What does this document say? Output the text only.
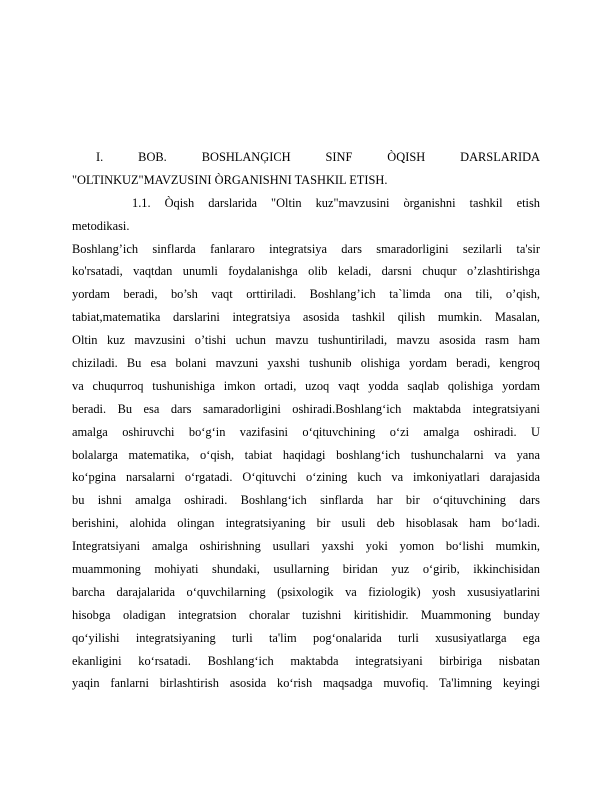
I. BOB. BOSHLANĢICH SINF ÒQISH DARSLARIDA
"OLTINKUZ"MAVZUSINI ÒRGANISHNI TASHKIL ETISH.
1.1. Òqish darslarida "Oltin kuz"mavzusini òrganishni tashkil etish
metodikasi.
Boshlang’ich sinflarda fanlararo integratsiya dars smaradorligini sezilarli ta'sir
ko'rsatadi, vaqtdan unumli foydalanishga olib keladi, darsni chuqur o’zlashtirishga
yordam beradi, bo’sh vaqt orttiriladi. Boshlang’ich ta`limda ona tili, o’qish,
tabiat,matematika darslarini integratsiya asosida tashkil qilish mumkin. Masalan,
Oltin kuz mavzusini o’tishi uchun mavzu tushuntiriladi, mavzu asosida rasm ham
chiziladi. Bu esa bolani mavzuni yaxshi tushunib olishiga yordam beradi, kengroq
va chuqurroq tushunishiga imkon ortadi, uzoq vaqt yodda saqlab qolishiga yordam
beradi. Bu esa dars samaradorligini oshiradi.Boshlang‘ich maktabda integratsiyani
amalga oshiruvchi bo‘g‘in vazifasini o‘qituvchining o‘zi amalga oshiradi. U
bolalarga matematika, o‘qish, tabiat haqidagi boshlang‘ich tushunchalarni va yana
ko‘pgina narsalarni o‘rgatadi. O‘qituvchi o‘zining kuch va imkoniyatlari darajasida
bu ishni amalga oshiradi. Boshlang‘ich sinflarda har bir o‘qituvchining dars
berishini, alohida olingan integratsiyaning bir usuli deb hisoblasak ham bo‘ladi.
Integratsiyani amalga oshirishning usullari yaxshi yoki yomon bo‘lishi mumkin,
muammoning mohiyati shundaki, usullarning biridan yuz o‘girib, ikkinchisidan
barcha darajalarida o‘quvchilarning (psixologik va fiziologik) yosh xususiyatlarini
hisobga oladigan integratsion choralar tuzishni kiritishidir. Muammoning bunday
qo‘yilishi integratsiyaning turli ta'lim pog‘onalarida turli xususiyatlarga ega
ekanligini ko‘rsatadi. Boshlang‘ich maktabda integratsiyani birbiriga nisbatan
yaqin fanlarni birlashtirish asosida ko‘rish maqsadga muvofiq. Ta'limning keyingi
